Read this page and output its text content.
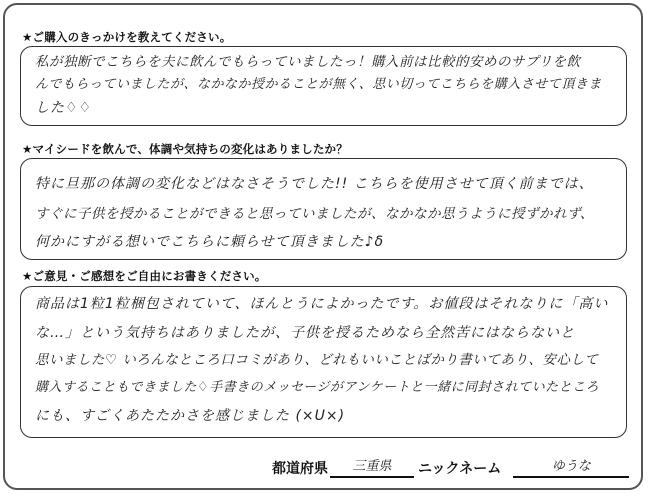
★ご購入のきっかけを教えてください。
私が独断でこちらを夫に飲んでもらっていましたっ！購入前は比較的安めのサプリを飲
んでもらっていましたが、なかなか授かることが無く、思い切ってこちらを購入させて頂きま
した♢♢
★マイシードを飲んで、体調や気持ちの変化はありましたか？
特に旦那の体調の変化などはなさそうでした!! こちらを使用させて頂く前までは、
すぐに子供を授かることができると思っていましたが、なかなか思うように授ずかれず、
何かにすがる想いでこちらに頼らせて頂きました♪δ
★ご意見・ご感想をご自由にお書きください。
商品は1粒1粒梱包されていて、ほんとうによかったです。お値段はそれなりに「高い
な…」という気持ちはありましたが、子供を授るためなら全然苦にはならないと
思いました♡ いろんなところ口コミがあり、どれもいいことばかり書いてあり、安心して
購入することもできました♢手書きのメッセージがアンケートと一緒に同封されていたところ
にも、すごくあたたかさを感じました (×U×)
都道府県	三重県	ニックネーム	ゆうな
